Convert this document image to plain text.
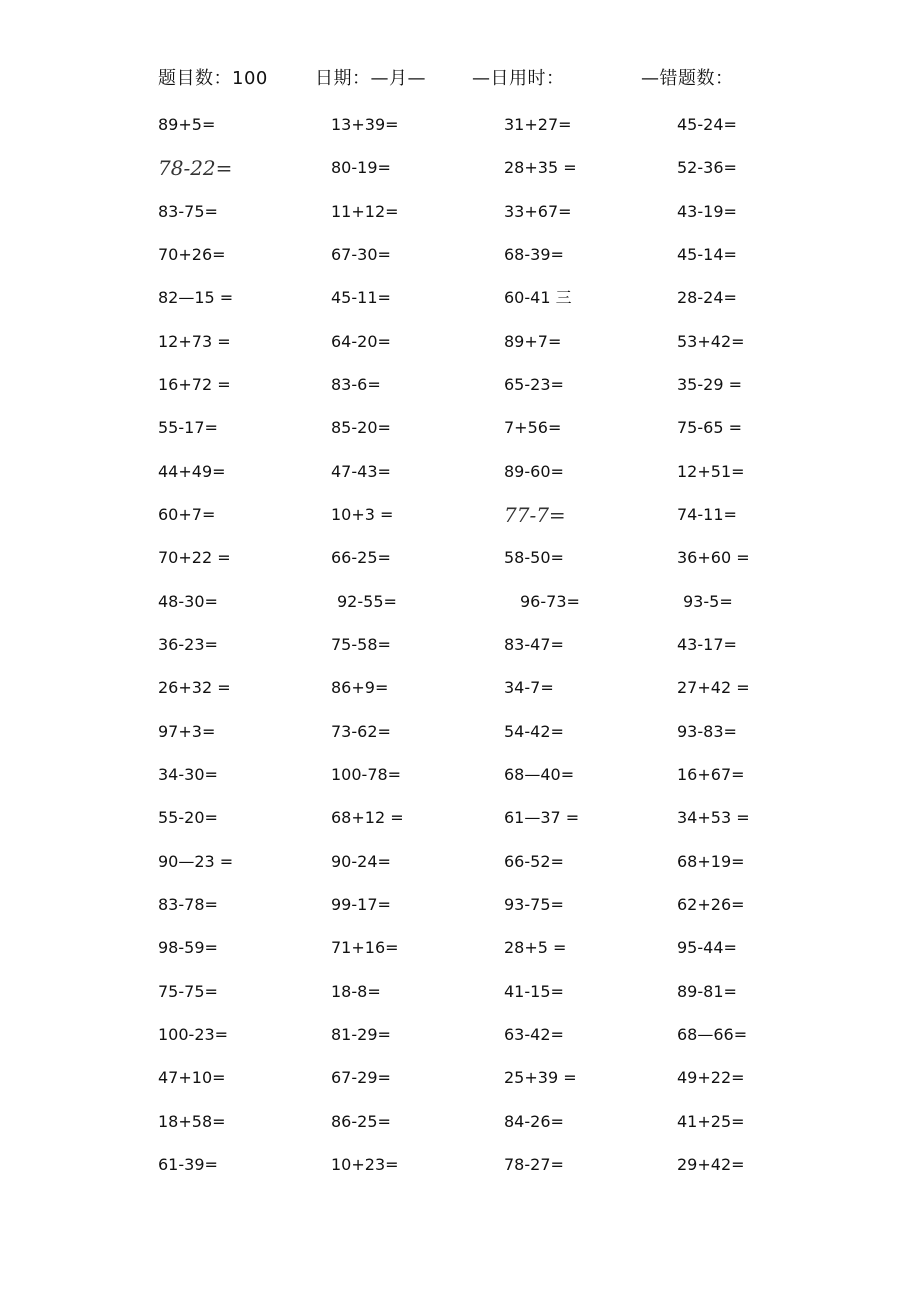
题目数：100	日期：—月—	—日用时：	—错题数：
89+5=	13+39=	31+27=	45-24=
78-22=	80-19=	28+35 =	52-36=
83-75=	11+12=	33+67=	43-19=
70+26=	67-30=	68-39=	45-14=
82—15 =	45-11=	60-41 三	28-24=
12+73 =	64-20=	89+7=	53+42=
16+72 =	83-6=	65-23=	35-29 =
55-17=	85-20=	7+56=	75-65 =
44+49=	47-43=	89-60=	12+51=
60+7=	10+3 =	77-7=	74-11=
70+22 =	66-25=	58-50=	36+60 =
48-30=	92-55=	96-73=	93-5=
36-23=	75-58=	83-47=	43-17=
26+32 =	86+9=	34-7=	27+42 =
97+3=	73-62=	54-42=	93-83=
34-30=	100-78=	68—40=	16+67=
55-20=	68+12 =	61—37 =	34+53 =
90—23 =	90-24=	66-52=	68+19=
83-78=	99-17=	93-75=	62+26=
98-59=	71+16=	28+5 =	95-44=
75-75=	18-8=	41-15=	89-81=
100-23=	81-29=	63-42=	68—66=
47+10=	67-29=	25+39 =	49+22=
18+58=	86-25=	84-26=	41+25=
61-39=	10+23=	78-27=	29+42=
